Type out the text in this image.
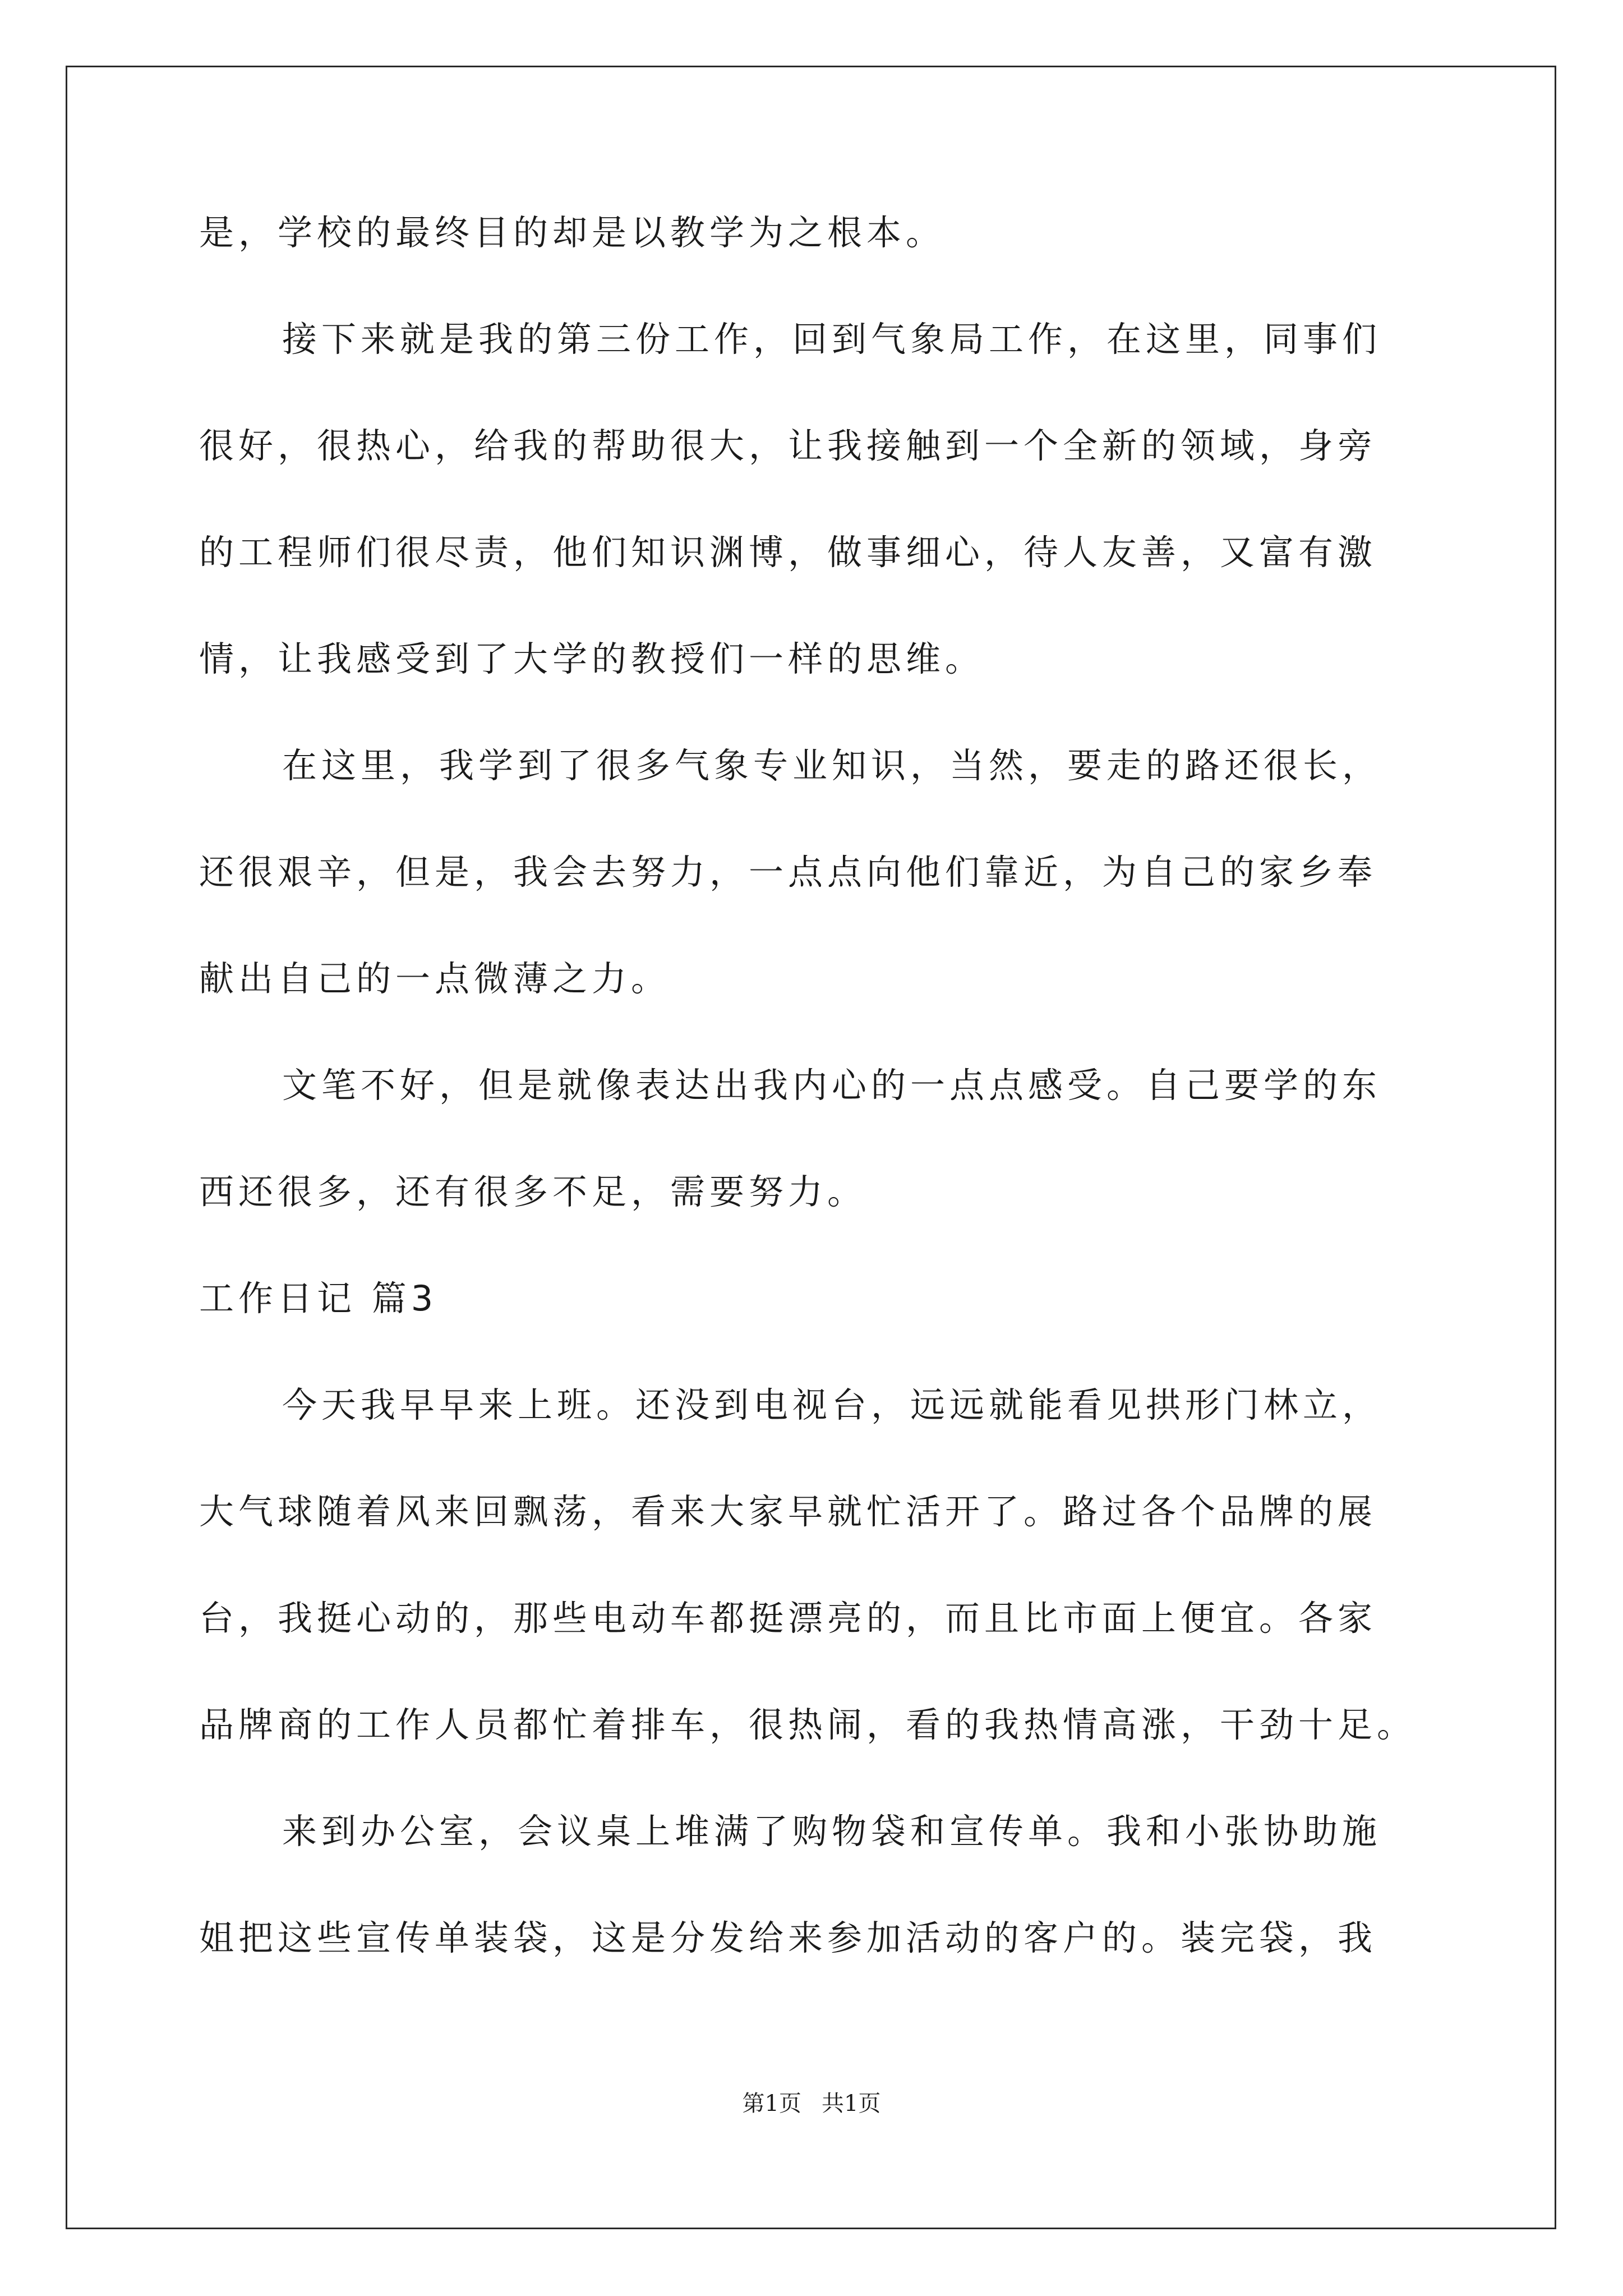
是，学校的最终目的却是以教学为之根本。
接下来就是我的第三份工作，回到气象局工作，在这里，同事们
很好，很热心，给我的帮助很大，让我接触到一个全新的领域，身旁
的工程师们很尽责，他们知识渊博，做事细心，待人友善，又富有激
情，让我感受到了大学的教授们一样的思维。
在这里，我学到了很多气象专业知识，当然，要走的路还很长，
还很艰辛，但是，我会去努力，一点点向他们靠近，为自己的家乡奉
献出自己的一点微薄之力。
文笔不好，但是就像表达出我内心的一点点感受。自己要学的东
西还很多，还有很多不足，需要努力。
工作日记 篇3
今天我早早来上班。还没到电视台，远远就能看见拱形门林立，
大气球随着风来回飘荡，看来大家早就忙活开了。路过各个品牌的展
台，我挺心动的，那些电动车都挺漂亮的，而且比市面上便宜。各家
品牌商的工作人员都忙着排车，很热闹，看的我热情高涨，干劲十足。
来到办公室，会议桌上堆满了购物袋和宣传单。我和小张协助施
姐把这些宣传单装袋，这是分发给来参加活动的客户的。装完袋，我
第1页 共1页
